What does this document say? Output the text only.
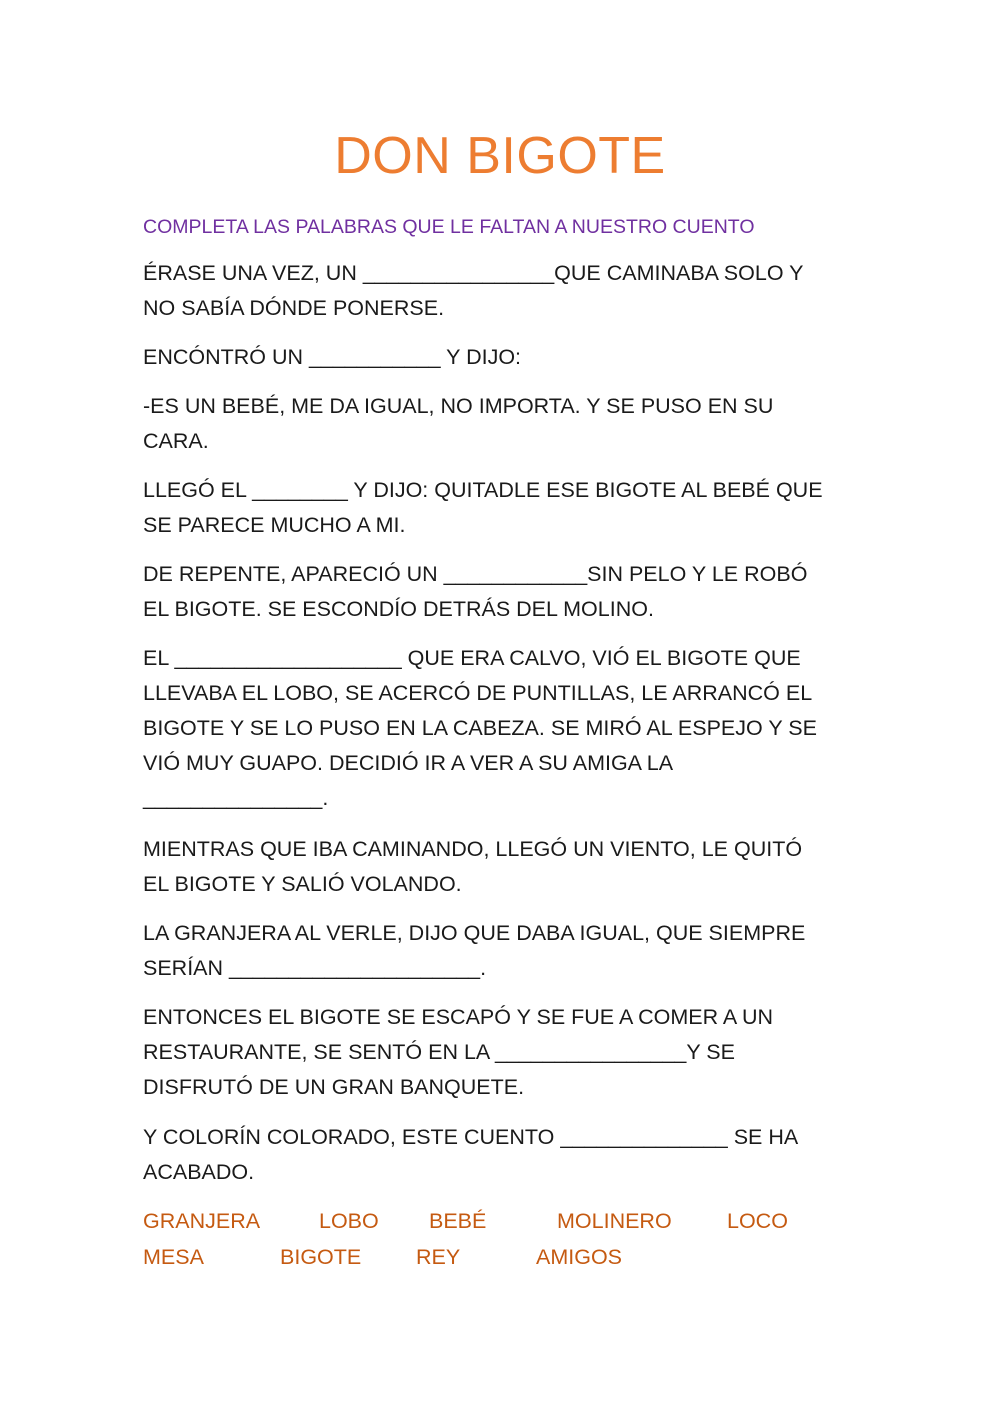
DON BIGOTE
COMPLETA LAS PALABRAS QUE LE FALTAN A NUESTRO CUENTO
ÉRASE UNA VEZ, UN ________________QUE CAMINABA SOLO Y
NO SABÍA DÓNDE PONERSE.
ENCÓNTRÓ UN ___________ Y DIJO:
-ES UN BEBÉ, ME DA IGUAL, NO IMPORTA. Y SE PUSO EN SU
CARA.
LLEGÓ EL ________ Y DIJO: QUITADLE ESE BIGOTE AL BEBÉ QUE
SE PARECE MUCHO A MI.
DE REPENTE, APARECIÓ UN ____________SIN PELO Y LE ROBÓ
EL BIGOTE. SE ESCONDÍO DETRÁS DEL MOLINO.
EL ___________________ QUE ERA CALVO, VIÓ EL BIGOTE QUE
LLEVABA EL LOBO, SE ACERCÓ DE PUNTILLAS, LE ARRANCÓ EL
BIGOTE Y SE LO PUSO EN LA CABEZA. SE MIRÓ AL ESPEJO Y SE
VIÓ MUY GUAPO. DECIDIÓ IR A VER A SU AMIGA LA
_______________.
MIENTRAS QUE IBA CAMINANDO, LLEGÓ UN VIENTO, LE QUITÓ
EL BIGOTE Y SALIÓ VOLANDO.
LA GRANJERA AL VERLE, DIJO QUE DABA IGUAL, QUE SIEMPRE
SERÍAN _____________________.
ENTONCES EL BIGOTE SE ESCAPÓ Y SE FUE A COMER A UN
RESTAURANTE, SE SENTÓ EN LA ________________Y SE
DISFRUTÓ DE UN GRAN BANQUETE.
Y COLORÍN COLORADO, ESTE CUENTO ______________ SE HA
ACABADO.
GRANJERA	LOBO BEBÉ	MOLINERO	LOCO
MESA	BIGOTE	REY	AMIGOS
